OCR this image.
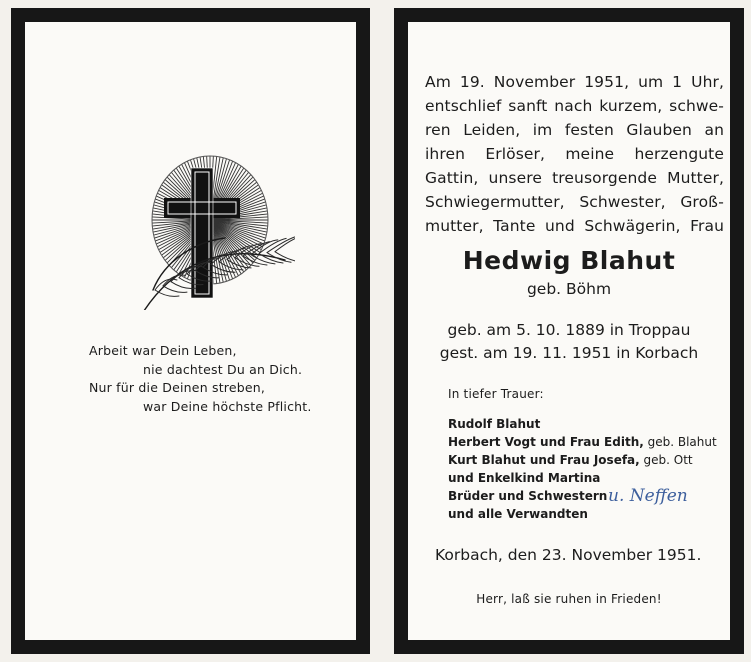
Arbeit war Dein Leben,
nie dachtest Du an Dich.
Nur für die Deinen streben,
war Deine höchste Pflicht.
Am 19. November 1951, um 1 Uhr,
entschlief sanft nach kurzem, schwe-
ren Leiden, im festen Glauben an
ihren Erlöser, meine herzengute
Gattin, unsere treusorgende Mutter,
Schwiegermutter, Schwester, Groß-
mutter, Tante und Schwägerin, Frau
Hedwig Blahut
geb. Böhm
geb. am 5. 10. 1889 in Troppau
gest. am 19. 11. 1951 in Korbach
In tiefer Trauer:
Rudolf Blahut
Herbert Vogt und Frau Edith, geb. Blahut
Kurt Blahut und Frau Josefa, geb. Ott
und Enkelkind Martina
Brüder und Schwestern
und alle Verwandten
u. Neffen
Korbach, den 23. November 1951.
Herr, laß sie ruhen in Frieden!
